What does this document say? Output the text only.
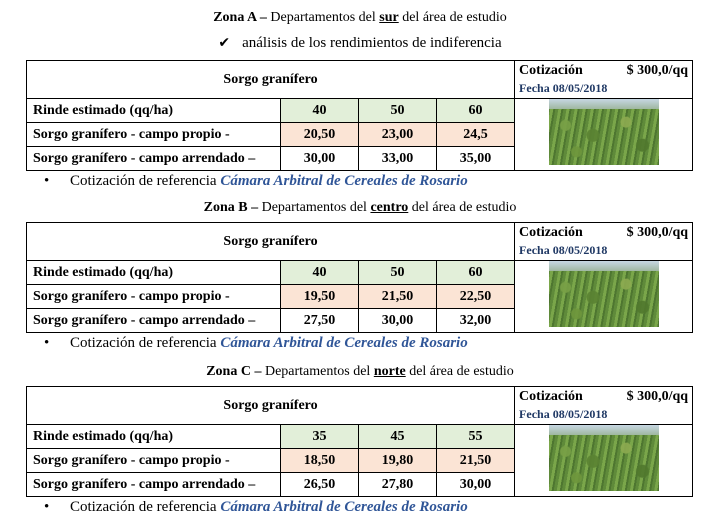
Zona A – Departamentos del sur del área de estudio
✔ análisis de los rendimientos de indiferencia
Sorgo granífero				Cotización $ 300,0/qq
Fecha 08/05/2018

Rinde estimado (qq/ha)	40	50	60	

Sorgo granífero - campo propio -	20,50	23,00	24,5	
Sorgo granífero - campo arrendado –	30,00	33,00	35,00	
• Cotización de referencia Cámara Arbitral de Cereales de Rosario
Zona B – Departamentos del centro del área de estudio
Sorgo granífero				Cotización $ 300,0/qq
Fecha 08/05/2018

Rinde estimado (qq/ha)	40	50	60	

Sorgo granífero - campo propio -	19,50	21,50	22,50	
Sorgo granífero - campo arrendado –	27,50	30,00	32,00	
• Cotización de referencia Cámara Arbitral de Cereales de Rosario
Zona C – Departamentos del norte del área de estudio
Sorgo granífero				Cotización $ 300,0/qq
Fecha 08/05/2018

Rinde estimado (qq/ha)	35	45	55	

Sorgo granífero - campo propio -	18,50	19,80	21,50	
Sorgo granífero - campo arrendado –	26,50	27,80	30,00	
• Cotización de referencia Cámara Arbitral de Cereales de Rosario
